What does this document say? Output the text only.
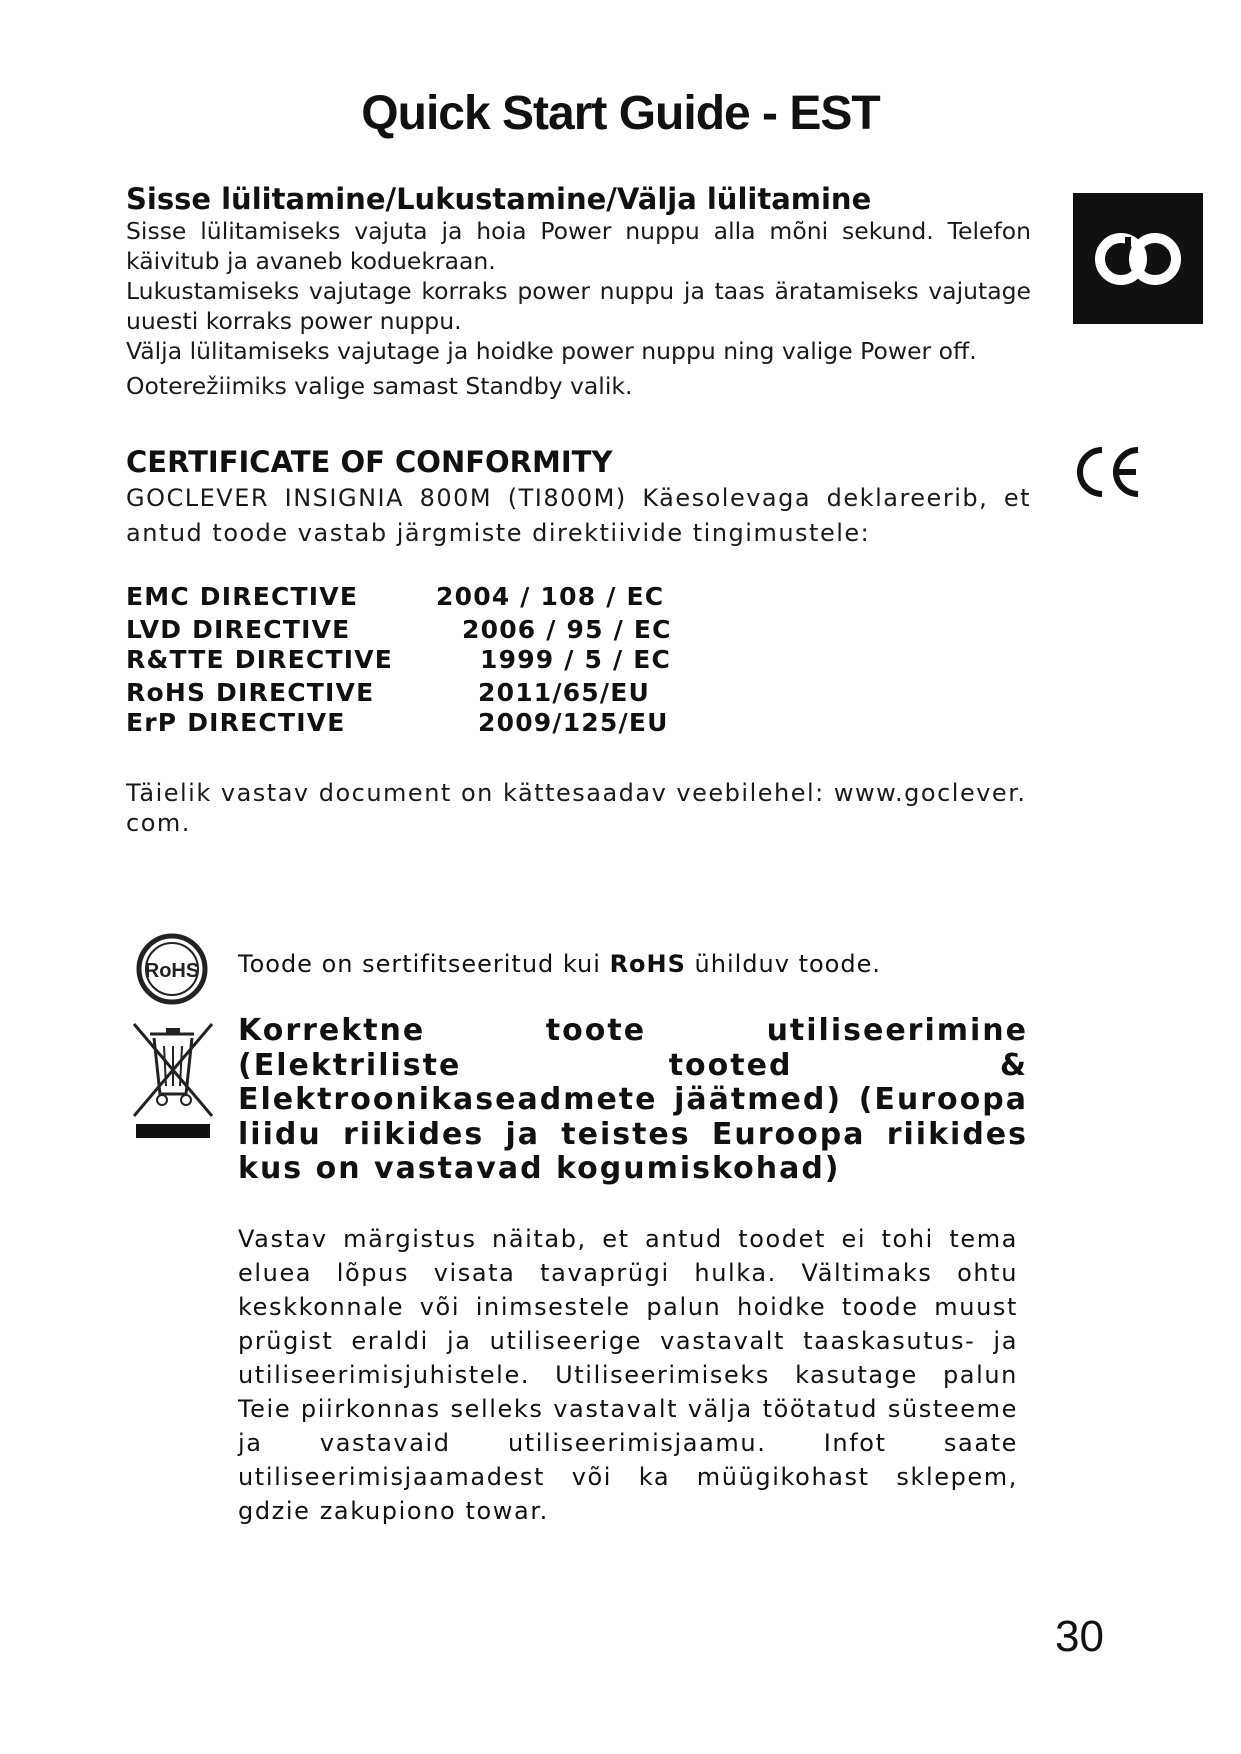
Quick Start Guide - EST
Sisse lülitamine/Lukustamine/Välja lülitamine

Sisse lülitamiseks vajuta ja hoia Power nuppu alla mõni sekund. Telefon käivitub ja avaneb koduekraan.

Lukustamiseks vajutage korraks power nuppu ja taas äratamiseks vajutage uuesti korraks power nuppu.

Välja lülitamiseks vajutage ja hoidke power nuppu ning valige Power off.

Ooterežiimiks valige samast Standby valik.
CERTIFICATE OF CONFORMITY
GOCLEVER INSIGNIA 800M (TI800M) Käesolevaga deklareerib, et antud toode vastab järgmiste direktiivide tingimustele:
EMC DIRECTIVE	2004 / 108 / EC
LVD DIRECTIVE	2006 / 95 / EC
R&TTE DIRECTIVE	1999 / 5 / EC
RoHS DIRECTIVE	2011/65/EU
ErP DIRECTIVE	2009/125/EU
Täielik vastav document on kättesaadav veebilehel: www.goclever. com.
RoHS Toode on sertifitseeritud kui RoHS ühilduv toode.
Korrektne toote utiliseerimine (Elektriliste tooted & Elektroonikaseadmete jäätmed) (Euroopa liidu riikides ja teistes Euroopa riikides kus on vastavad kogumiskohad)
Vastav märgistus näitab, et antud toodet ei tohi tema eluea lõpus visata tavaprügi hulka. Vältimaks ohtu keskkonnale või inimsestele palun hoidke toode muust prügist eraldi ja utiliseerige vastavalt taaskasutus- ja utiliseerimisjuhistele. Utiliseerimiseks kasutage palun Teie piirkonnas selleks vastavalt välja töötatud süsteeme ja vastavaid utiliseerimisjaamu. Infot saate utiliseerimisjaamadest või ka müügikohast sklepem, gdzie zakupiono towar.
30
